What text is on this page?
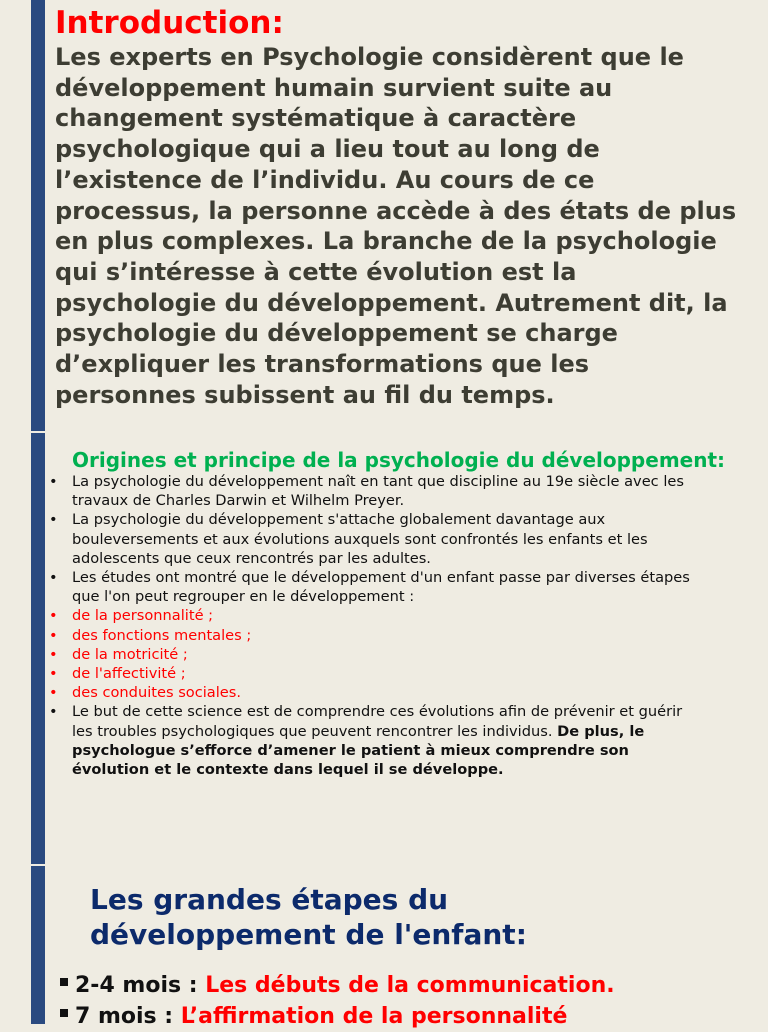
Introduction:

Les experts en Psychologie considèrent que le
développement humain survient suite au
changement systématique à caractère
psychologique qui a lieu tout au long de
l’existence de l’individu. Au cours de ce
processus, la personne accède à des états de plus
en plus complexes. La branche de la psychologie
qui s’intéresse à cette évolution est la
psychologie du développement. Autrement dit, la
psychologie du développement se charge
d’expliquer les transformations que les
personnes subissent au fil du temps.

Origines et principe de la psychologie du développement:
• La psychologie du développement naît en tant que discipline au 19e siècle avec les
travaux de Charles Darwin et Wilhelm Preyer.
• La psychologie du développement s'attache globalement davantage aux
bouleversements et aux évolutions auxquels sont confrontés les enfants et les
adolescents que ceux rencontrés par les adultes.
• Les études ont montré que le développement d'un enfant passe par diverses étapes
que l'on peut regrouper en le développement :
• de la personnalité ;
• des fonctions mentales ;
• de la motricité ;
• de l'affectivité ;
• des conduites sociales.
• Le but de cette science est de comprendre ces évolutions afin de prévenir et guérir
les troubles psychologiques que peuvent rencontrer les individus. De plus, le
psychologue s’efforce d’amener le patient à mieux comprendre son
évolution et le contexte dans lequel il se développe.
Les grandes étapes du
développement de l'enfant:
2-4 mois : Les débuts de la communication.
7 mois : L’affirmation de la personnalité
